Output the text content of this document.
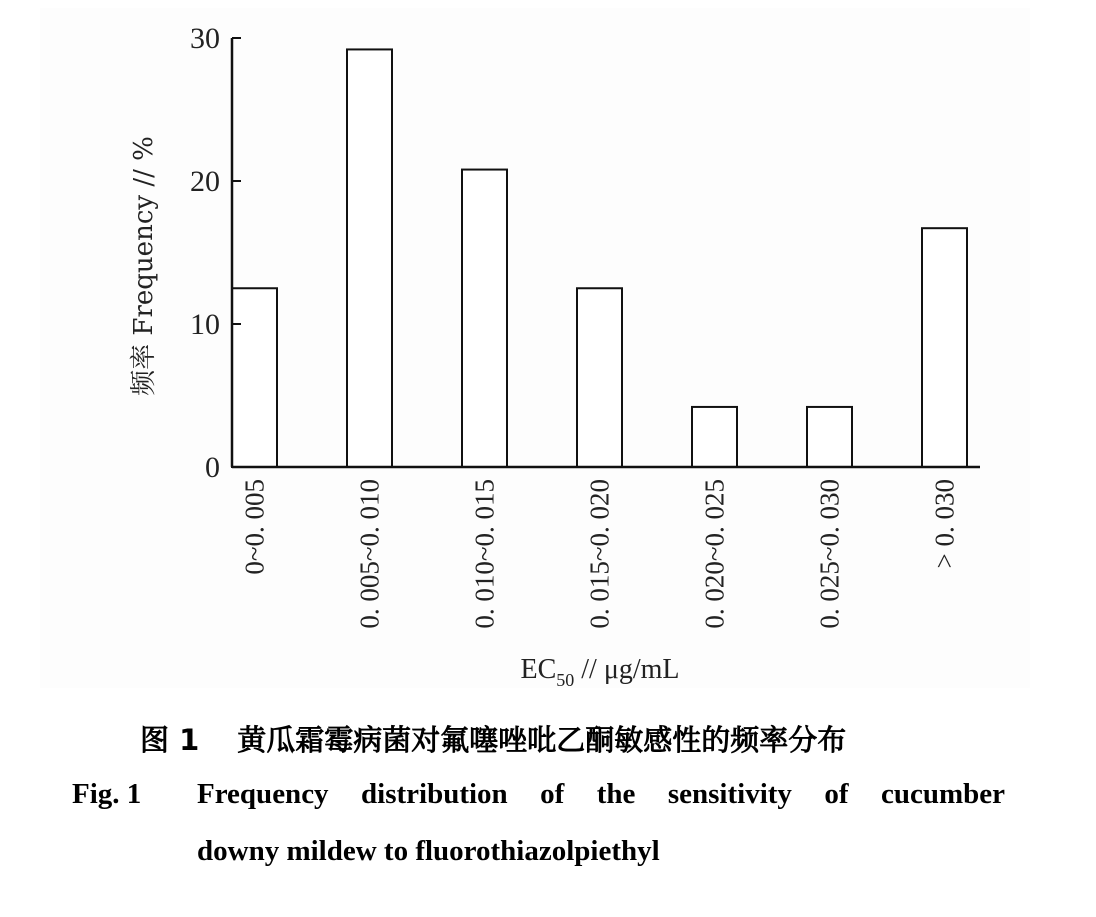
0
10
20
30
0~0. 005	0. 005~0. 010	0. 010~0. 015	0. 015~0. 020	0. 020~0. 025	0. 025~0. 030	> 0. 030
频率 Frequency // %
$EC_{50} // \mu g/mL$
图 1 黄瓜霜霉病菌对氟噻唑吡乙酮敏感性的频率分布
Fig. 1 Frequency distribution of the sensitivity of cucumber
downy mildew to fluorothiazolpiethyl
